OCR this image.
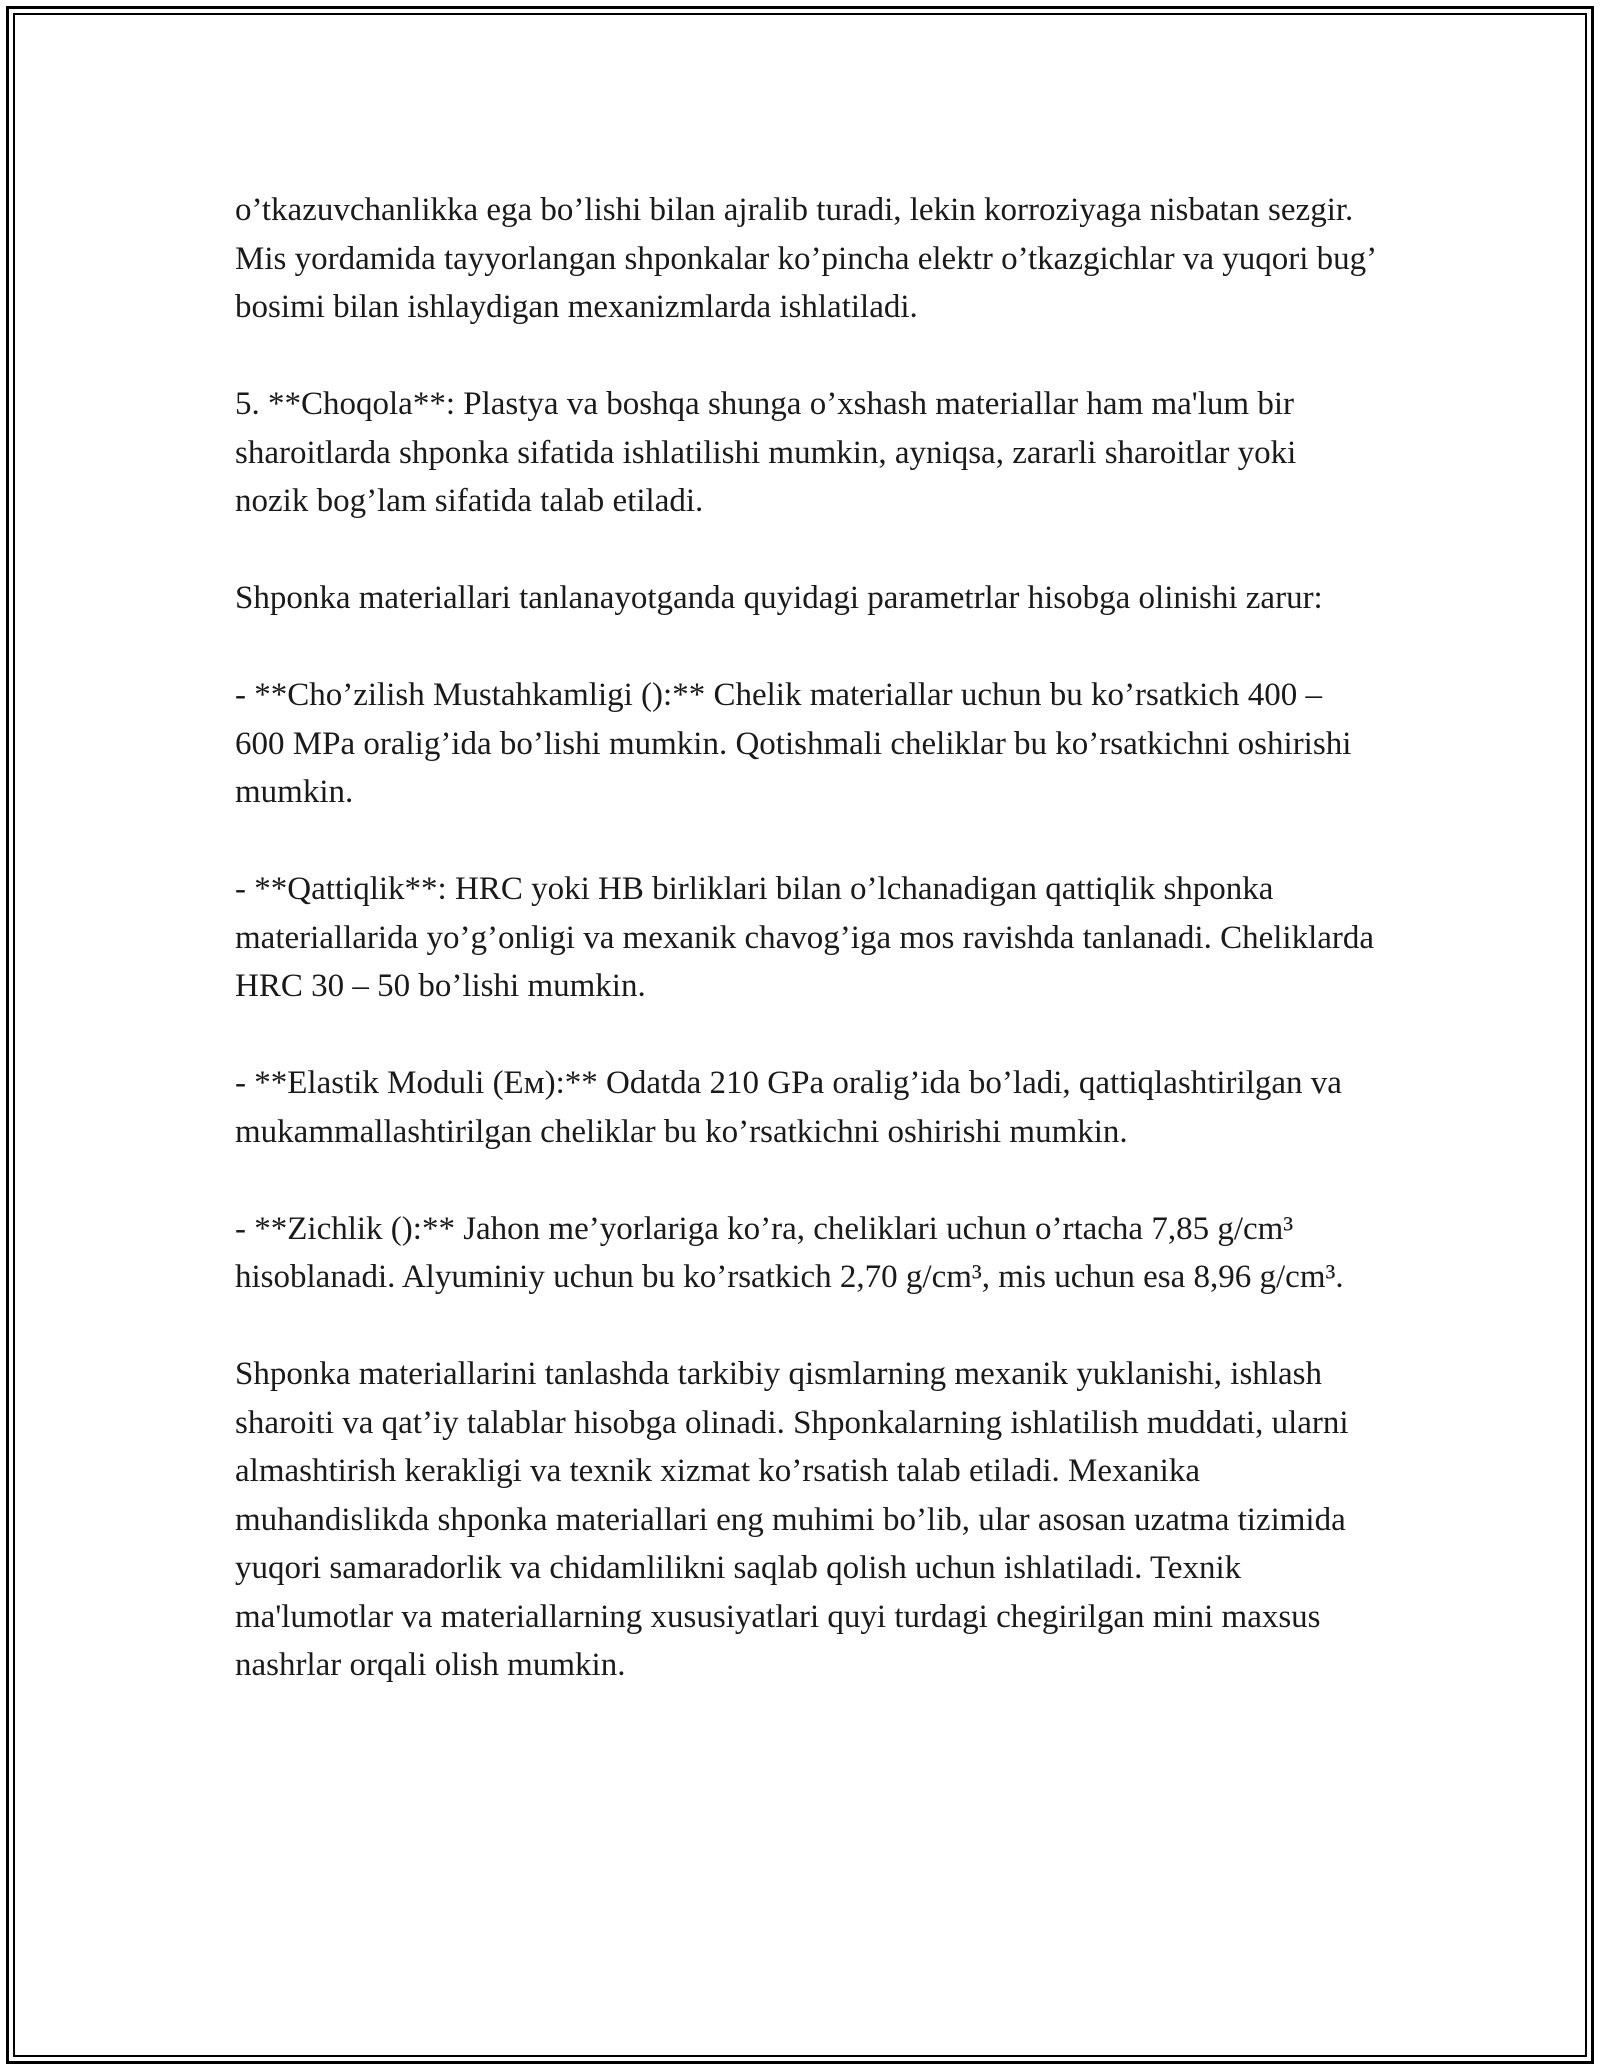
o’tkazuvchanlikka ega bo’lishi bilan ajralib turadi, lekin korroziyaga nisbatan sezgir. Mis yordamida tayyorlangan shponkalar ko’pincha elektr o’tkazgichlar va yuqori bug’ bosimi bilan ishlaydigan mexanizmlarda ishlatiladi.

5. **Choqola**: Plastya va boshqa shunga o’xshash materiallar ham ma'lum bir sharoitlarda shponka sifatida ishlatilishi mumkin, ayniqsa, zararli sharoitlar yoki nozik bog’lam sifatida talab etiladi.

Shponka materiallari tanlanayotganda quyidagi parametrlar hisobga olinishi zarur:

- **Cho’zilish Mustahkamligi ():** Chelik materiallar uchun bu ko’rsatkich 400 – 600 MPa oralig’ida bo’lishi mumkin. Qotishmali cheliklar bu ko’rsatkichni oshirishi mumkin.

- **Qattiqlik**: HRC yoki HB birliklari bilan o’lchanadigan qattiqlik shponka materiallarida yo’g’onligi va mexanik chavog’iga mos ravishda tanlanadi. Cheliklarda HRC 30 – 50 bo’lishi mumkin.

- **Elastik Moduli (Eм):** Odatda 210 GPa oralig’ida bo’ladi, qattiqlashtirilgan va mukammallashtirilgan cheliklar bu ko’rsatkichni oshirishi mumkin.

- **Zichlik ():** Jahon me’yorlariga ko’ra, cheliklari uchun o’rtacha 7,85 g/cm³ hisoblanadi. Alyuminiy uchun bu ko’rsatkich 2,70 g/cm³, mis uchun esa 8,96 g/cm³.

Shponka materiallarini tanlashda tarkibiy qismlarning mexanik yuklanishi, ishlash sharoiti va qat’iy talablar hisobga olinadi. Shponkalarning ishlatilish muddati, ularni almashtirish kerakligi va texnik xizmat ko’rsatish talab etiladi. Mexanika muhandislikda shponka materiallari eng muhimi bo’lib, ular asosan uzatma tizimida yuqori samaradorlik va chidamlilikni saqlab qolish uchun ishlatiladi. Texnik ma'lumotlar va materiallarning xususiyatlari quyi turdagi chegirilgan mini maxsus nashrlar orqali olish mumkin.
